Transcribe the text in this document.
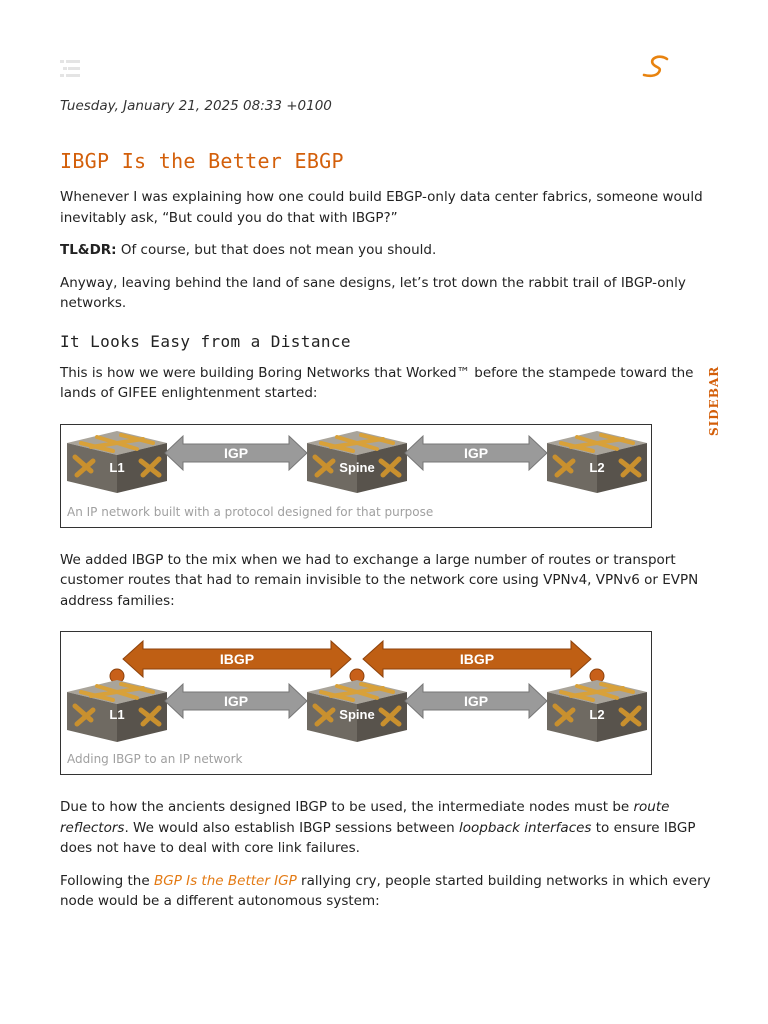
Tuesday, January 21, 2025 08:33 +0100
IBGP Is the Better EBGP

Whenever I was explaining how one could build EBGP-only data center fabrics, someone would inevitably ask, “But could you do that with IBGP?”

TL&DR: Of course, but that does not mean you should.

Anyway, leaving behind the land of sane designs, let’s trot down the rabbit trail of IBGP-only networks.

It Looks Easy from a Distance

This is how we were building Boring Networks that Worked™ before the stampede toward the lands of GIFEE enlightenment started:

L1	Spine	L2
IGP	IGP
An IP network built with a protocol designed for that purpose

We added IBGP to the mix when we had to exchange a large number of routes or transport customer routes that had to remain invisible to the network core using VPNv4, VPNv6 or EVPN address families:

IBGP	IBGP
L1	Spine	L2
IGP	IGP
Adding IBGP to an IP network

Due to how the ancients designed IBGP to be used, the intermediate nodes must be route reflectors. We would also establish IBGP sessions between loopback interfaces to ensure IBGP does not have to deal with core link failures.

Following the BGP Is the Better IGP rallying cry, people started building networks in which every node would be a different autonomous system:

SIDEBAR
